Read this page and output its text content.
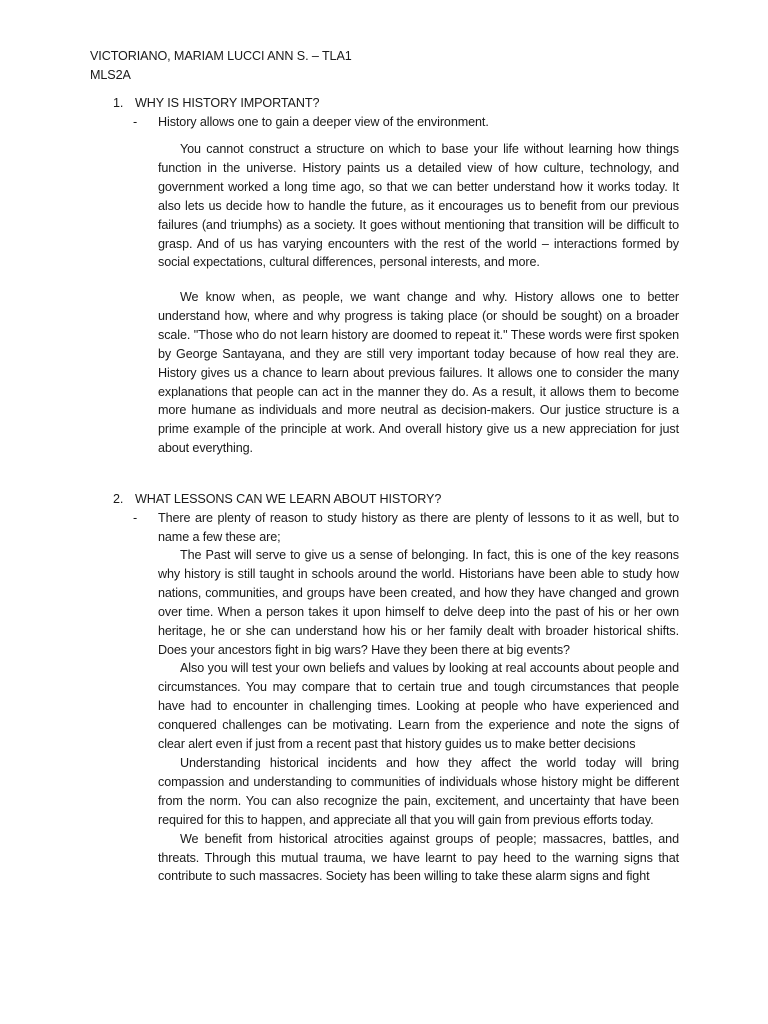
VICTORIANO, MARIAM LUCCI ANN S. – TLA1
MLS2A
1. WHY IS HISTORY IMPORTANT?
- History allows one to gain a deeper view of the environment.

You cannot construct a structure on which to base your life without learning how things function in the universe. History paints us a detailed view of how culture, technology, and government worked a long time ago, so that we can better understand how it works today. It also lets us decide how to handle the future, as it encourages us to benefit from our previous failures (and triumphs) as a society. It goes without mentioning that transition will be difficult to grasp. And of us has varying encounters with the rest of the world – interactions formed by social expectations, cultural differences, personal interests, and more.

We know when, as people, we want change and why. History allows one to better understand how, where and why progress is taking place (or should be sought) on a broader scale. "Those who do not learn history are doomed to repeat it." These words were first spoken by George Santayana, and they are still very important today because of how real they are. History gives us a chance to learn about previous failures. It allows one to consider the many explanations that people can act in the manner they do. As a result, it allows them to become more humane as individuals and more neutral as decision-makers. Our justice structure is a prime example of the principle at work. And overall history give us a new appreciation for just about everything.

2. WHAT LESSONS CAN WE LEARN ABOUT HISTORY?
- There are plenty of reason to study history as there are plenty of lessons to it as well, but to name a few these are;

The Past will serve to give us a sense of belonging. In fact, this is one of the key reasons why history is still taught in schools around the world. Historians have been able to study how nations, communities, and groups have been created, and how they have changed and grown over time. When a person takes it upon himself to delve deep into the past of his or her own heritage, he or she can understand how his or her family dealt with broader historical shifts. Does your ancestors fight in big wars? Have they been there at big events?

Also you will test your own beliefs and values by looking at real accounts about people and circumstances. You may compare that to certain true and tough circumstances that people have had to encounter in challenging times. Looking at people who have experienced and conquered challenges can be motivating. Learn from the experience and note the signs of clear alert even if just from a recent past that history guides us to make better decisions

Understanding historical incidents and how they affect the world today will bring compassion and understanding to communities of individuals whose history might be different from the norm. You can also recognize the pain, excitement, and uncertainty that have been required for this to happen, and appreciate all that you will gain from previous efforts today.

We benefit from historical atrocities against groups of people; massacres, battles, and threats. Through this mutual trauma, we have learnt to pay heed to the warning signs that contribute to such massacres. Society has been willing to take these alarm signs and fight
